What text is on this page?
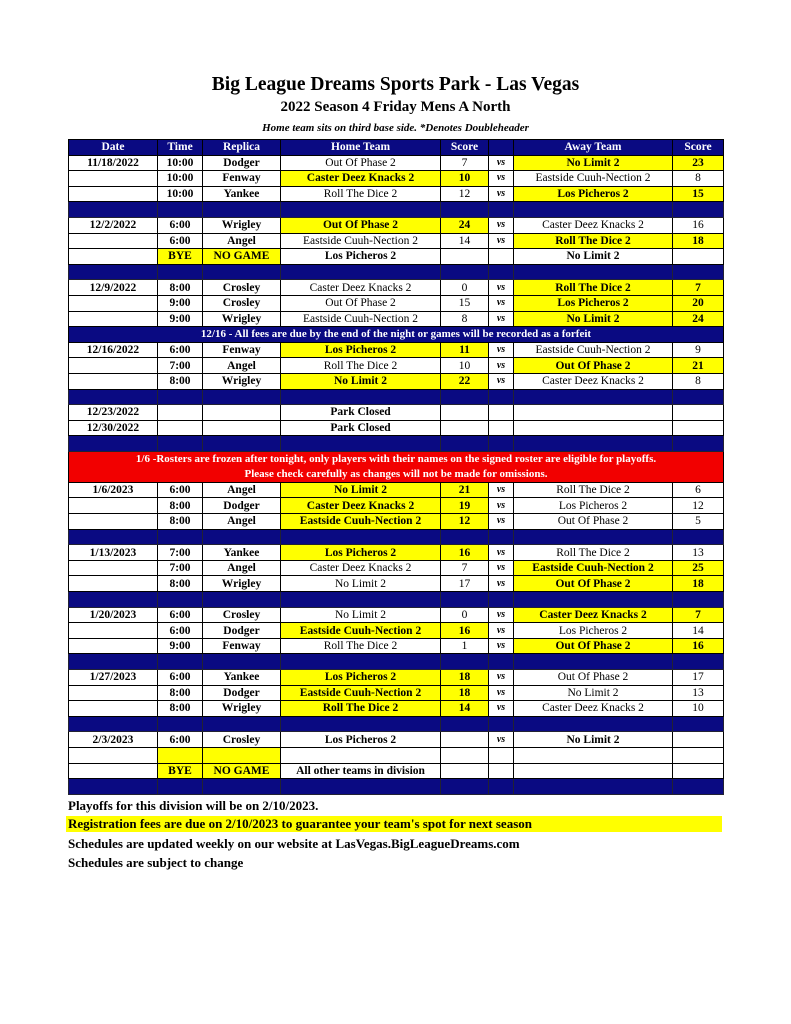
Big League Dreams Sports Park - Las Vegas
2022 Season 4 Friday Mens A North
Home team sits on third base side. *Denotes Doubleheader
Date	Time	Replica	Home Team	Score		Away Team	Score
11/18/2022	10:00	Dodger	Out Of Phase 2	7	vs	No Limit 2	23
	10:00	Fenway	Caster Deez Knacks 2	10	vs	Eastside Cuuh-Nection 2	8
	10:00	Yankee	Roll The Dice 2	12	vs	Los Picheros 2	15

12/2/2022	6:00	Wrigley	Out Of Phase 2	24	vs	Caster Deez Knacks 2	16
	6:00	Angel	Eastside Cuuh-Nection 2	14	vs	Roll The Dice 2	18
	BYE	NO GAME	Los Picheros 2			No Limit 2	

12/9/2022	8:00	Crosley	Caster Deez Knacks 2	0	vs	Roll The Dice 2	7
	9:00	Crosley	Out Of Phase 2	15	vs	Los Picheros 2	20
	9:00	Wrigley	Eastside Cuuh-Nection 2	8	vs	No Limit 2	24
12/16 - All fees are due by the end of the night or games will be recorded as a forfeit							
12/16/2022	6:00	Fenway	Los Picheros 2	11	vs	Eastside Cuuh-Nection 2	9
	7:00	Angel	Roll The Dice 2	10	vs	Out Of Phase 2	21
	8:00	Wrigley	No Limit 2	22	vs	Caster Deez Knacks 2	8

12/23/2022			Park Closed				
12/30/2022			Park Closed				

1/6 -Rosters are frozen after tonight, only players with their names on the signed roster are eligible for playoffs.
Please check carefully as changes will not be made for omissions.							

1/6/2023	6:00	Angel	No Limit 2	21	vs	Roll The Dice 2	6
	8:00	Dodger	Caster Deez Knacks 2	19	vs	Los Picheros 2	12
	8:00	Angel	Eastside Cuuh-Nection 2	12	vs	Out Of Phase 2	5

1/13/2023	7:00	Yankee	Los Picheros 2	16	vs	Roll The Dice 2	13
	7:00	Angel	Caster Deez Knacks 2	7	vs	Eastside Cuuh-Nection 2	25
	8:00	Wrigley	No Limit 2	17	vs	Out Of Phase 2	18

1/20/2023	6:00	Crosley	No Limit 2	0	vs	Caster Deez Knacks 2	7
	6:00	Dodger	Eastside Cuuh-Nection 2	16	vs	Los Picheros 2	14
	9:00	Fenway	Roll The Dice 2	1	vs	Out Of Phase 2	16

1/27/2023	6:00	Yankee	Los Picheros 2	18	vs	Out Of Phase 2	17
	8:00	Dodger	Eastside Cuuh-Nection 2	18	vs	No Limit 2	13
	8:00	Wrigley	Roll The Dice 2	14	vs	Caster Deez Knacks 2	10

2/3/2023	6:00	Crosley	Los Picheros 2		vs	No Limit 2	

	BYE	NO GAME	All other teams in division				

Playoffs for this division will be on 2/10/2023.
Registration fees are due on 2/10/2023 to guarantee your team's spot for next season
Schedules are updated weekly on our website at LasVegas.BigLeagueDreams.com
Schedules are subject to change
